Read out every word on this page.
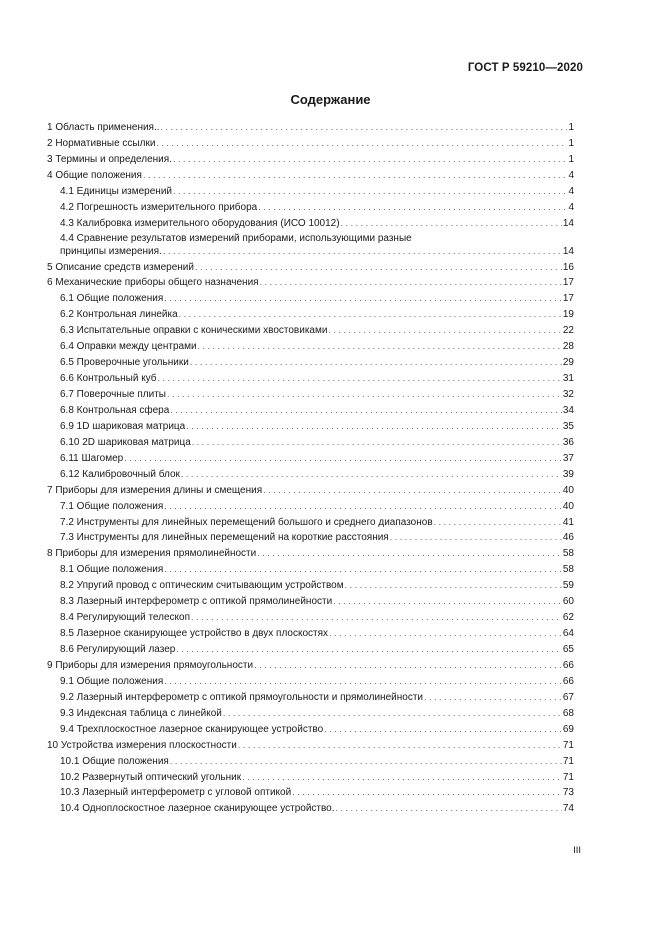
ГОСТ Р 59210—2020
Содержание
1 Область применения.. . . .	1
2 Нормативные ссылки . . .	1
3 Термины и определения. . . .	1
4 Общие положения . . .	4
4.1 Единицы измерений . . .	4
4.2 Погрешность измерительного прибора . . .	4
4.3 Калибровка измерительного оборудования (ИСО 10012) . . .	14
4.4 Сравнение результатов измерений приборами, использующими разные
принципы измерения. . . .	14
5 Описание средств измерений . . .	16
6 Механические приборы общего назначения . . .	17
6.1 Общие положения . . .	17
6.2 Контрольная линейка . . .	19
6.3 Испытательные оправки с коническими хвостовиками . . .	22
6.4 Оправки между центрами . . .	28
6.5 Проверочные угольники . . .	29
6.6 Контрольный куб . . .	31
6.7 Поверочные плиты . . .	32
6.8 Контрольная сфера . . .	34
6.9 1D шариковая матрица . . .	35
6.10 2D шариковая матрица . . .	36
6.11 Шагомер . . .	37
6.12 Калибровочный блок . . .	39
7 Приборы для измерения длины и смещения . . .	40
7.1 Общие положения . . .	40
7.2 Инструменты для линейных перемещений большого и среднего диапазонов . . .	41
7.3 Инструменты для линейных перемещений на короткие расстояния . . .	46
8 Приборы для измерения прямолинейности . . .	58
8.1 Общие положения . . .	58
8.2 Упругий провод с оптическим считывающим устройством . . .	59
8.3 Лазерный интерферометр с оптикой прямолинейности . . .	60
8.4 Регулирующий телескоп . . .	62
8.5 Лазерное сканирующее устройство в двух плоскостях . . .	64
8.6 Регулирующий лазер . . .	65
9 Приборы для измерения прямоугольности . . .	66
9.1 Общие положения . . .	66
9.2 Лазерный интерферометр с оптикой прямоугольности и прямолинейности . . .	67
9.3 Индексная таблица с линейкой . . .	68
9.4 Трехплоскостное лазерное сканирующее устройство . . .	69
10 Устройства измерения плоскостности . . .	71
10.1 Общие положения . . .	71
10.2 Развернутый оптический угольник . . .	71
10.3 Лазерный интерферометр с угловой оптикой . . .	73
10.4 Одноплоскостное лазерное сканирующее устройство. . . .	74
III
